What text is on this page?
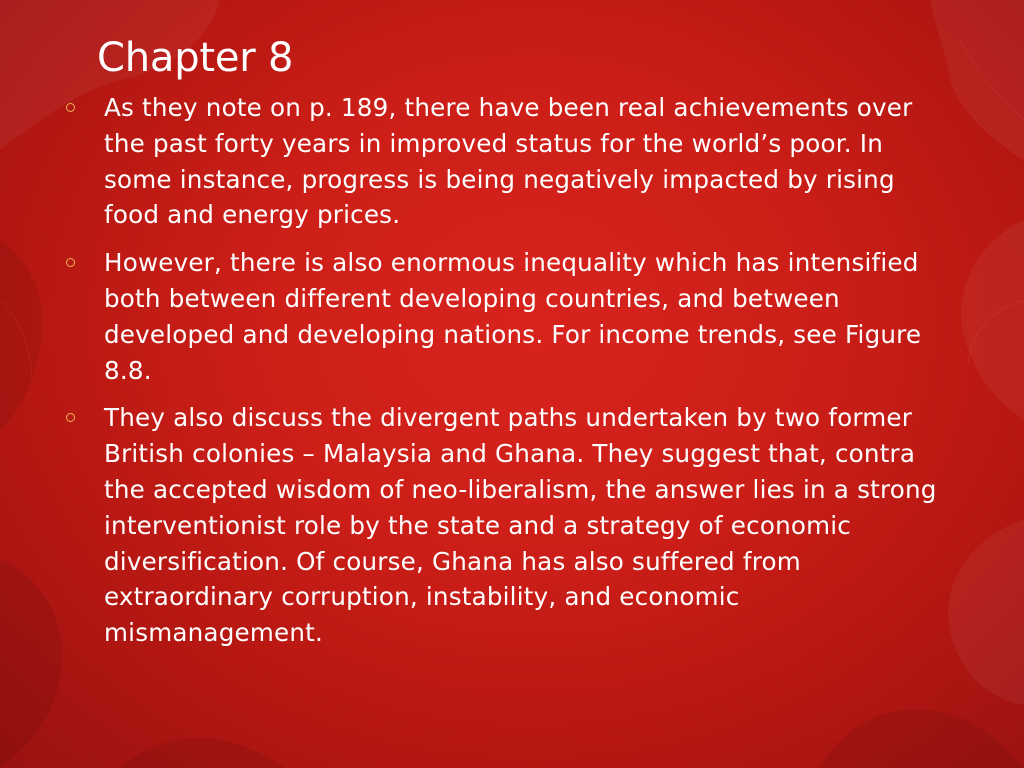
Chapter 8
As they note on p. 189, there have been real achievements over the past forty years in improved status for the world’s poor. In some instance, progress is being negatively impacted by rising food and energy prices.
However, there is also enormous inequality which has intensified both between different developing countries, and between developed and developing nations. For income trends, see Figure 8.8.
They also discuss the divergent paths undertaken by two former British colonies – Malaysia and Ghana. They suggest that, contra the accepted wisdom of neo-liberalism, the answer lies in a strong interventionist role by the state and a strategy of economic diversification. Of course, Ghana has also suffered from extraordinary corruption, instability, and economic mismanagement.
